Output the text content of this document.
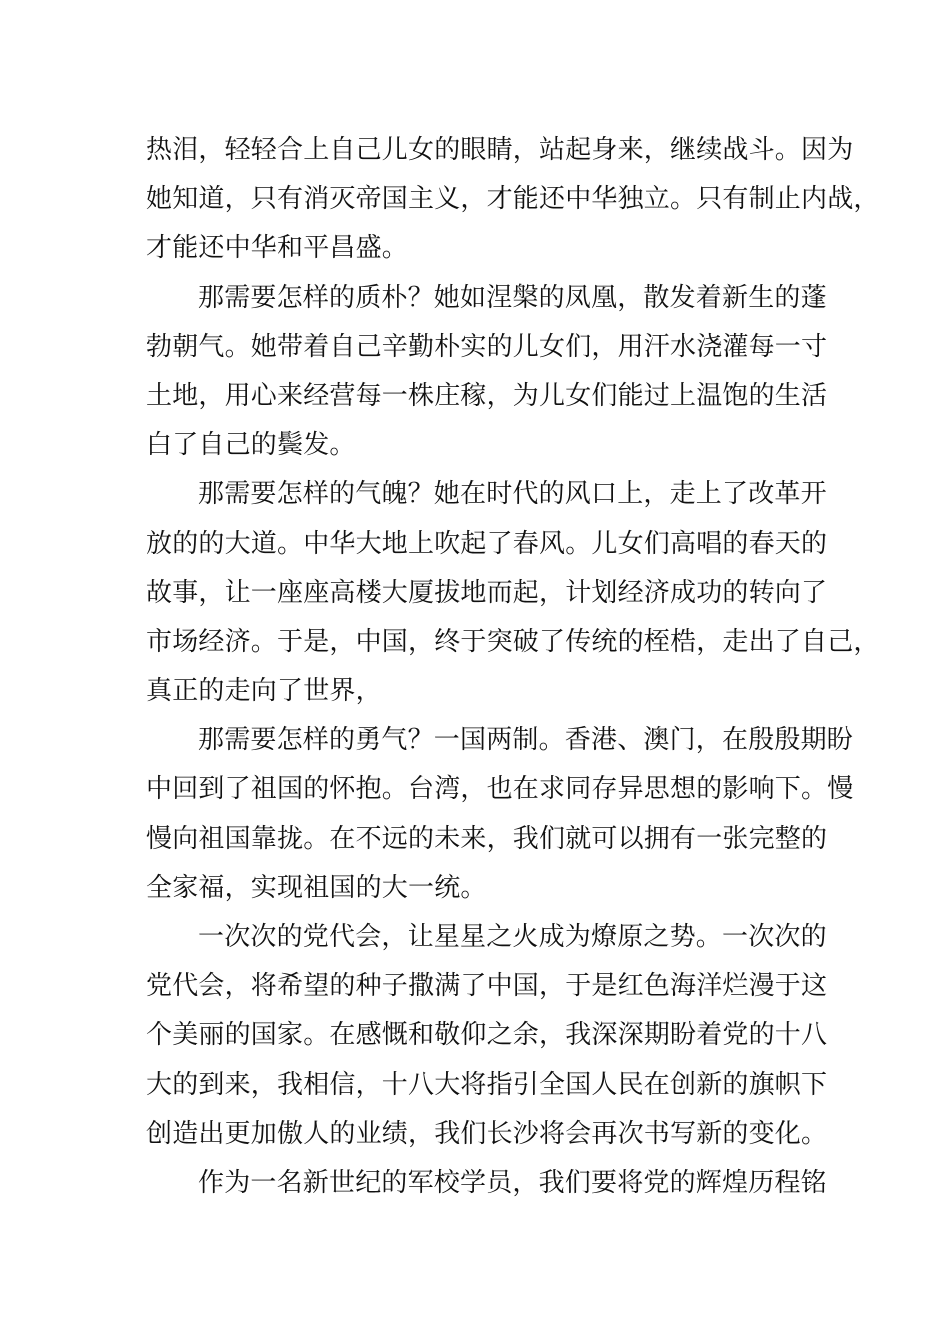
热泪，轻轻合上自己儿女的眼睛，站起身来，继续战斗。因为
她知道，只有消灭帝国主义，才能还中华独立。只有制止内战，
才能还中华和平昌盛。
那需要怎样的质朴？她如涅槃的凤凰，散发着新生的蓬
勃朝气。她带着自己辛勤朴实的儿女们，用汗水浇灌每一寸
土地，用心来经营每一株庄稼，为儿女们能过上温饱的生活
白了自己的鬓发。
那需要怎样的气魄？她在时代的风口上，走上了改革开
放的的大道。中华大地上吹起了春风。儿女们高唱的春天的
故事，让一座座高楼大厦拔地而起，计划经济成功的转向了
市场经济。于是，中国，终于突破了传统的桎梏，走出了自己，
真正的走向了世界，
那需要怎样的勇气？一国两制。香港、澳门，在殷殷期盼
中回到了祖国的怀抱。台湾，也在求同存异思想的影响下。慢
慢向祖国靠拢。在不远的未来，我们就可以拥有一张完整的
全家福，实现祖国的大一统。
一次次的党代会，让星星之火成为燎原之势。一次次的
党代会，将希望的种子撒满了中国，于是红色海洋烂漫于这
个美丽的国家。在感慨和敬仰之余，我深深期盼着党的十八
大的到来，我相信，十八大将指引全国人民在创新的旗帜下
创造出更加傲人的业绩，我们长沙将会再次书写新的变化。
作为一名新世纪的军校学员，我们要将党的辉煌历程铭
